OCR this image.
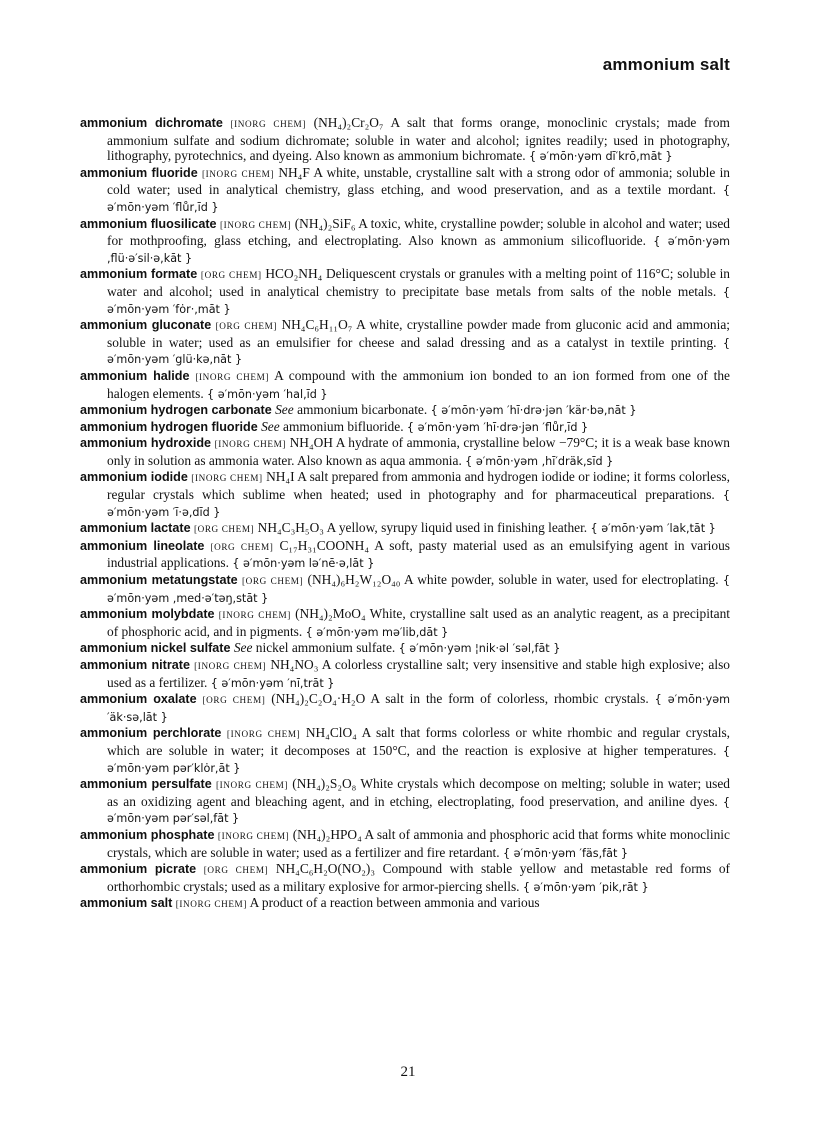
ammonium salt

ammonium dichromate [INORG CHEM] (NH₄)₂Cr₂O₇ A salt that forms orange, monoclinic crystals; made from ammonium sulfate and sodium dichromate; soluble in water and alcohol; ignites readily; used in photography, lithography, pyrotechnics, and dyeing. Also known as ammonium bichromate. { ə′mōn·yəm dī′krō,māt }

ammonium fluoride [INORG CHEM] NH₄F A white, unstable, crystalline salt with a strong odor of ammonia; soluble in cold water; used in analytical chemistry, glass etching, and wood preservation, and as a textile mordant. { ə′mōn·yəm ′flůr,īd }

ammonium fluosilicate [INORG CHEM] (NH₄)₂SiF₆ A toxic, white, crystalline powder; soluble in alcohol and water; used for mothproofing, glass etching, and electroplating. Also known as ammonium silicofluoride. { ə′mōn·yəm ,flü·ə′sil·ə,kāt }

ammonium formate [ORG CHEM] HCO₂NH₄ Deliquescent crystals or granules with a melting point of 116°C; soluble in water and alcohol; used in analytical chemistry to precipitate base metals from salts of the noble metals. { ə′mōn·yəm ′fȯr·,māt }

ammonium gluconate [ORG CHEM] NH₄C₆H₁₁O₇ A white, crystalline powder made from gluconic acid and ammonia; soluble in water; used as an emulsifier for cheese and salad dressing and as a catalyst in textile printing. { ə′mōn·yəm ′glü·kə,nāt }

ammonium halide [INORG CHEM] A compound with the ammonium ion bonded to an ion formed from one of the halogen elements. { ə′mōn·yəm ′hal,īd }

ammonium hydrogen carbonate See ammonium bicarbonate. { ə′mōn·yəm ′hī·drə·jən ′kär·bə,nāt }

ammonium hydrogen fluoride See ammonium bifluoride. { ə′mōn·yəm ′hī·drə·jən ′flůr,īd }

ammonium hydroxide [INORG CHEM] NH₄OH A hydrate of ammonia, crystalline below −79°C; it is a weak base known only in solution as ammonia water. Also known as aqua ammonia. { ə′mōn·yəm ,hī′dräk,sīd }

ammonium iodide [INORG CHEM] NH₄I A salt prepared from ammonia and hydrogen iodide or iodine; it forms colorless, regular crystals which sublime when heated; used in photography and for pharmaceutical preparations. { ə′mōn·yəm ′ī·ə,dīd }

ammonium lactate [ORG CHEM] NH₄C₃H₅O₃ A yellow, syrupy liquid used in finishing leather. { ə′mōn·yəm ′lak,tāt }

ammonium lineolate [ORG CHEM] C₁₇H₃₁COONH₄ A soft, pasty material used as an emulsifying agent in various industrial applications. { ə′mōn·yəm lə′nē·ə,lāt }

ammonium metatungstate [ORG CHEM] (NH₄)₆H₂W₁₂O₄₀ A white powder, soluble in water, used for electroplating. { ə′mōn·yəm ,med·ə′təŋ,stāt }

ammonium molybdate [INORG CHEM] (NH₄)₂MoO₄ White, crystalline salt used as an analytic reagent, as a precipitant of phosphoric acid, and in pigments. { ə′mōn·yəm mə′lib,dāt }

ammonium nickel sulfate See nickel ammonium sulfate. { ə′mōn·yəm ¦nik·əl ′səl,fāt }

ammonium nitrate [INORG CHEM] NH₄NO₃ A colorless crystalline salt; very insensitive and stable high explosive; also used as a fertilizer. { ə′mōn·yəm ′nī,trāt }

ammonium oxalate [ORG CHEM] (NH₄)₂C₂O₄·H₂O A salt in the form of colorless, rhombic crystals. { ə′mōn·yəm ′äk·sə,lāt }

ammonium perchlorate [INORG CHEM] NH₄ClO₄ A salt that forms colorless or white rhombic and regular crystals, which are soluble in water; it decomposes at 150°C, and the reaction is explosive at higher temperatures. { ə′mōn·yəm pər′klȯr,āt }

ammonium persulfate [INORG CHEM] (NH₄)₂S₂O₈ White crystals which decompose on melting; soluble in water; used as an oxidizing agent and bleaching agent, and in etching, electroplating, food preservation, and aniline dyes. { ə′mōn·yəm pər′səl,fāt }

ammonium phosphate [INORG CHEM] (NH₄)₂HPO₄ A salt of ammonia and phosphoric acid that forms white monoclinic crystals, which are soluble in water; used as a fertilizer and fire retardant. { ə′mōn·yəm ′fäs,fāt }

ammonium picrate [ORG CHEM] NH₄C₆H₂O(NO₂)₃ Compound with stable yellow and metastable red forms of orthorhombic crystals; used as a military explosive for armor-piercing shells. { ə′mōn·yəm ′pik,rāt }

ammonium salt [INORG CHEM] A product of a reaction between ammonia and various

21
